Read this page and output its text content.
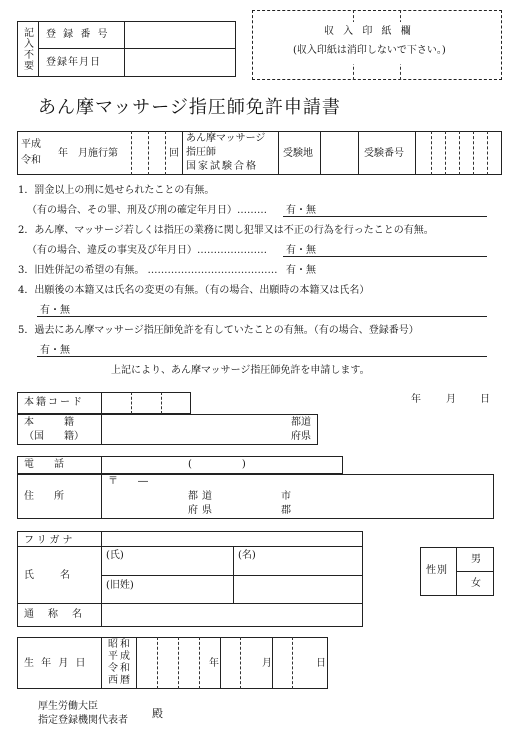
記入不要 登 録 番 号
登録年月日
収 入 印 紙 欄
(収入印紙は消印しないで下さい。)
あん摩マッサージ指圧師免許申請書
平成
令和
年　月施行第	回
あん摩マッサージ
指圧師
国家試験合格
受験地	受験番号
1．罰金以上の刑に処せられたことの有無。
（有の場合、その罪、刑及び刑の確定年月日）……… 有・無
2．あん摩、マッサージ若しくは指圧の業務に関し犯罪又は不正の行為を行ったことの有無。
（有の場合、違反の事実及び年月日）………………… 有・無
3．旧姓併記の希望の有無。 ………………………………… 有・無
4．出願後の本籍又は氏名の変更の有無。（有の場合、出願時の本籍又は氏名）
有・無
5．過去にあん摩マッサージ指圧師免許を有していたことの有無。（有の場合、登録番号）
有・無
上記により、あん摩マッサージ指圧師免許を申請します。
年	月 日
本籍コード
本　　　籍
（国　　籍）
都道
府県
電　　話	(　　　　　)
住　　所
〒　　―
都道
府県
市
郡
フリガナ
氏　　名
(氏)	(名)
(旧姓)
通　称　名
性別
男
女
生 年 月 日
昭和
平成
令和
西暦
年	月	日
厚生労働大臣
指定登録機関代表者
殿
